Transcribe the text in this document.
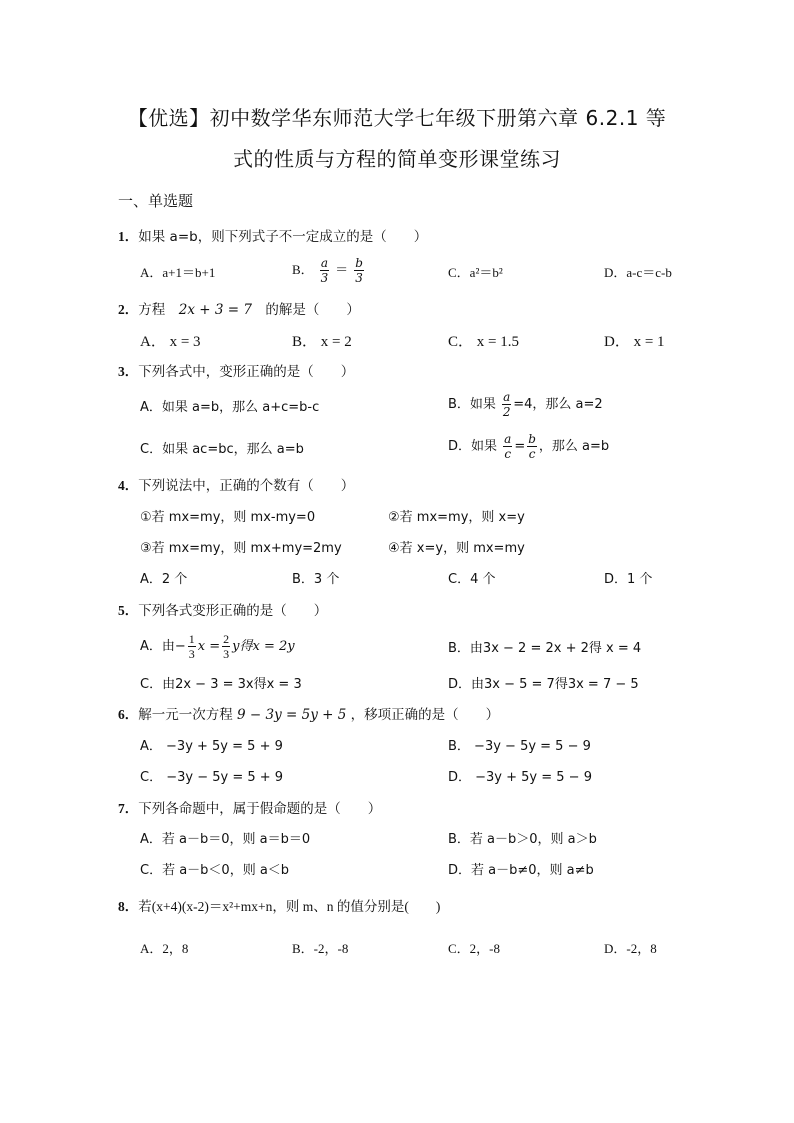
【优选】初中数学华东师范大学七年级下册第六章 6.2.1 等
式的性质与方程的简单变形课堂练习
一、单选题
1．如果 a=b，则下列式子不一定成立的是（　　）
A．a+1＝b+1	B． $\frac{a}{3} = \frac{b}{3}$	C．a²＝b²	D．a-c＝c-b
2．方程　2x + 3 = 7　的解是（　　）
A． x = 3	B． x = 2	C． x = 1.5	D． x = 1
3．下列各式中，变形正确的是（　　）
A．如果 a=b，那么 a+c=b-c	B．如果 $\frac{a}{2} =4$，那么 a=2
C．如果 ac=bc，那么 a=b	D．如果 $\frac{a}{c} = \frac{b}{c}$ ，那么 a=b
4．下列说法中，正确的个数有（　　）
①若 mx=my，则 mx-my=0	②若 mx=my，则 x=y
③若 mx=my，则 mx+my=2my	④若 x=y，则 mx=my
A．2 个	B．3 个	C．4 个	D．1 个
5．下列各式变形正确的是（　　）
A．由− $\frac{1}{3}$ $x = \frac{2}{3}$ y得x = 2y	B．由3x − 2 = 2x + 2得 x = 4
C．由2x − 3 = 3x得x = 3	D．由3x − 5 = 7得3x = 7 − 5
6．解一元一次方程 9 − 3y = 5y + 5 ，移项正确的是（　　）
A． −3y + 5y = 5 + 9	B． −3y − 5y = 5 − 9
C． −3y − 5y = 5 + 9	D． −3y + 5y = 5 − 9
7．下列各命题中，属于假命题的是（　　）
A．若 a－b＝0，则 a＝b＝0	B．若 a－b＞0，则 a＞b
C．若 a－b＜0，则 a＜b	D．若 a－b≠0，则 a≠b
8．若(x+4)(x-2)＝x²+mx+n，则 m、n 的值分别是(　　)
A．2，8	B．-2，-8	C．2，-8	D．-2，8
